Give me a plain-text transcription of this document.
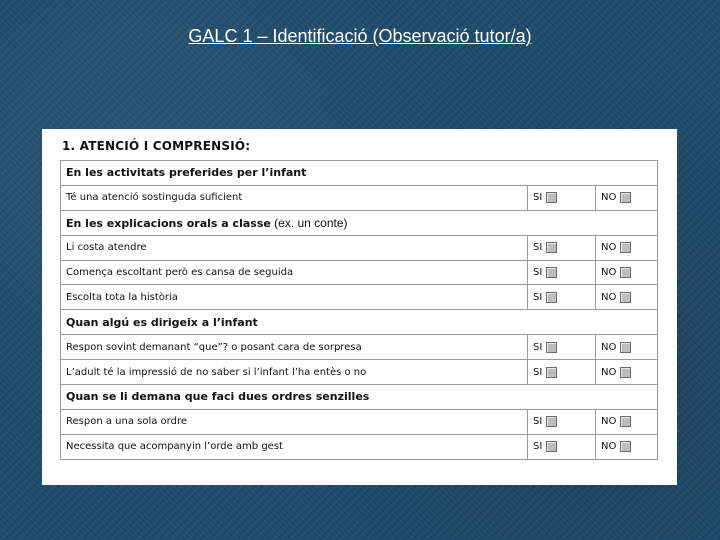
GALC 1 – Identificació (Observació tutor/a)
1. ATENCIÓ I COMPRENSIÓ:
En les activitats preferides per l’infant		
Té una atenció sostinguda suficient	SI	NO

En les explicacions orals a classe (ex. un conte)		
Li costa atendre	SI	NO

Comença escoltant però es cansa de seguida	SI	NO

Escolta tota la història	SI	NO

Quan algú es dirigeix a l’infant		
Respon sovint demanant “que”? o posant cara de sorpresa	SI	NO

L’adult té la impressió de no saber si l’infant l’ha entès o no	SI	NO

Quan se li demana que faci dues ordres senzilles		
Respon a una sola ordre	SI	NO

Necessita que acompanyin l’orde amb gest	SI	NO
